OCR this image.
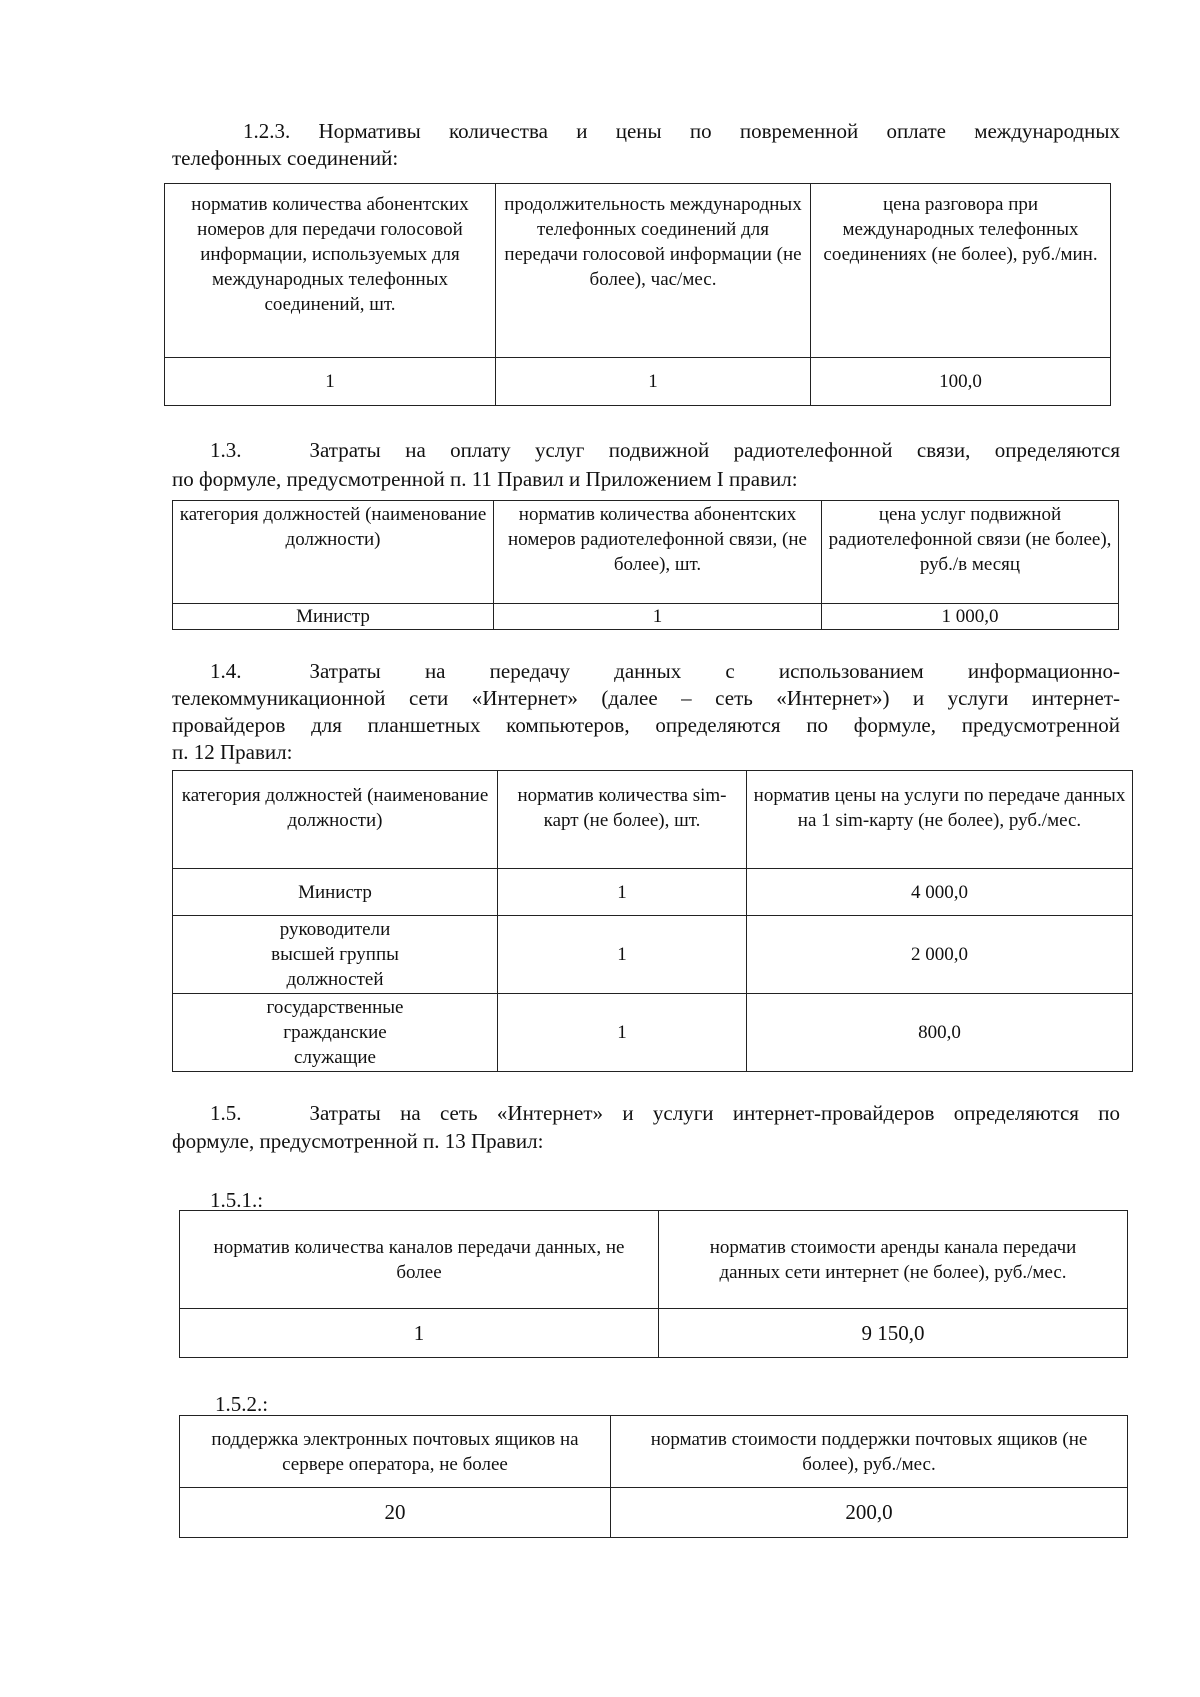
1.2.3. Нормативы количества и цены по повременной оплате международных

телефонных соединений:

норматив количества абонентских номеров для передачи голосовой информации, используемых для международных телефонных соединений, шт.	продолжительность международных телефонных соединений для передачи голосовой информации (не более), час/мес.	цена разговора при международных телефонных соединениях (не более), руб./мин.
1	1	100,0

1.3.	Затраты на оплату услуг подвижной радиотелефонной связи, определяются

по формуле, предусмотренной п. 11 Правил и Приложением I правил:

категория должностей (наименование должности)	норматив количества абонентских номеров радиотелефонной связи, (не более), шт.	цена услуг подвижной радиотелефонной связи (не более), руб./в месяц
Министр	1	1 000,0

1.4.	Затраты на передачу данных с использованием информационно-

телекоммуникационной сети «Интернет» (далее – сеть «Интернет») и услуги интернет-

провайдеров для планшетных компьютеров, определяются по формуле, предусмотренной

п. 12 Правил:

категория должностей (наименование должности)	норматив количества sim-карт (не более), шт.	норматив цены на услуги по передаче данных на 1 sim-карту (не более), руб./мес.
Министр	1	4 000,0
руководители высшей группы должностей	1	2 000,0
государственные гражданские служащие	1	800,0

1.5.	Затраты на сеть «Интернет» и услуги интернет-провайдеров определяются по

формуле, предусмотренной п. 13 Правил:

1.5.1.:

норматив количества каналов передачи данных, не более	норматив стоимости аренды канала передачи данных сети интернет (не более), руб./мес.
1	9 150,0

1.5.2.:

поддержка электронных почтовых ящиков на сервере оператора, не более	норматив стоимости поддержки почтовых ящиков (не более), руб./мес.
20	200,0
